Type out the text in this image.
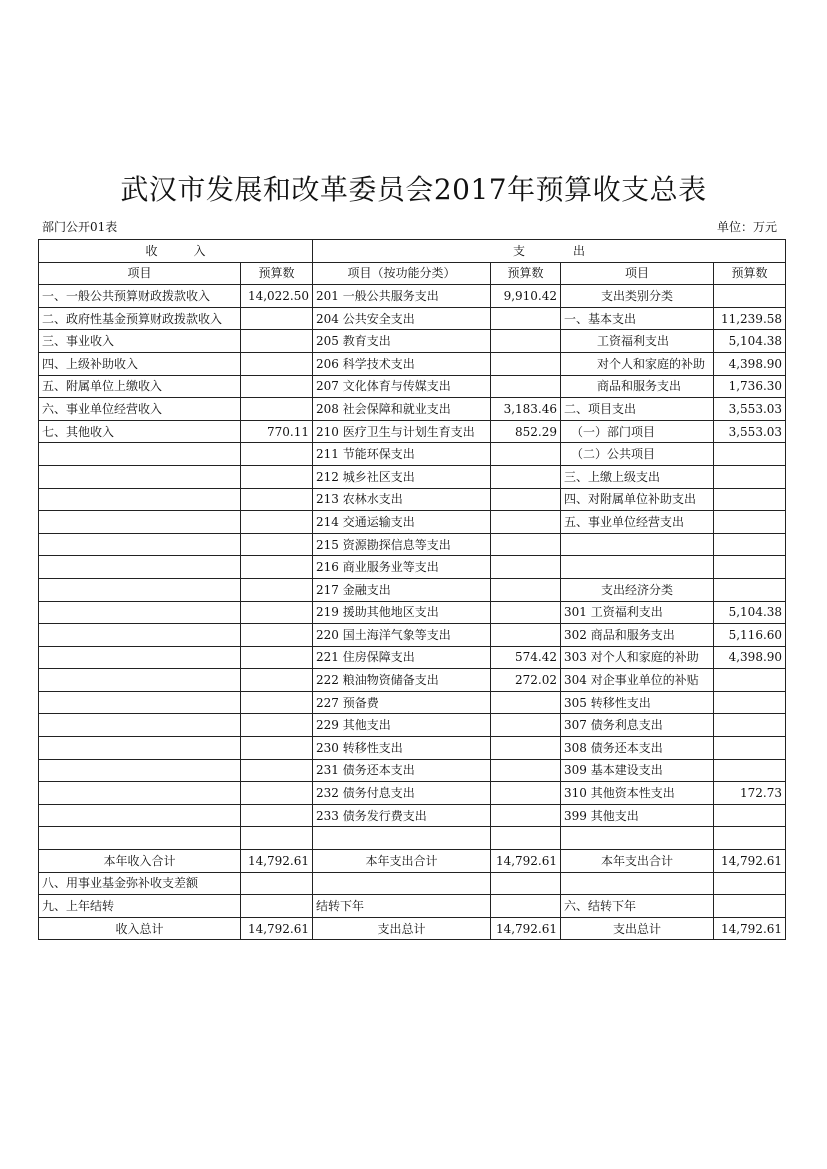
武汉市发展和改革委员会2017年预算收支总表
部门公开01表	单位：万元
收　　　入		支　　　　出			
项目	预算数	项目（按功能分类）	预算数	项目	预算数
一、一般公共预算财政拨款收入	14,022.50	201 一般公共服务支出	9,910.42	支出类别分类	
二、政府性基金预算财政拨款收入		204 公共安全支出		一、基本支出	11,239.58
三、事业收入		205 教育支出		工资福利支出	5,104.38
四、上级补助收入		206 科学技术支出		对个人和家庭的补助	4,398.90
五、附属单位上缴收入		207 文化体育与传媒支出		商品和服务支出	1,736.30
六、事业单位经营收入		208 社会保障和就业支出	3,183.46	二、项目支出	3,553.03
七、其他收入	770.11	210 医疗卫生与计划生育支出	852.29	（一）部门项目	3,553.03
		211 节能环保支出		（二）公共项目	
		212 城乡社区支出		三、上缴上级支出	
		213 农林水支出		四、对附属单位补助支出	
		214 交通运输支出		五、事业单位经营支出	
		215 资源勘探信息等支出			
		216 商业服务业等支出			
		217 金融支出		支出经济分类	
		219 援助其他地区支出		301 工资福利支出	5,104.38
		220 国土海洋气象等支出		302 商品和服务支出	5,116.60
		221 住房保障支出	574.42	303 对个人和家庭的补助	4,398.90
		222 粮油物资储备支出	272.02	304 对企事业单位的补贴	
		227 预备费		305 转移性支出	
		229 其他支出		307 债务利息支出	
		230 转移性支出		308 债务还本支出	
		231 债务还本支出		309 基本建设支出	
		232 债务付息支出		310 其他资本性支出	172.73
		233 债务发行费支出		399 其他支出	

本年收入合计	14,792.61	本年支出合计	14,792.61	本年支出合计	14,792.61
八、用事业基金弥补收支差额					
九、上年结转		结转下年		六、结转下年	
收入总计	14,792.61	支出总计	14,792.61	支出总计	14,792.61
